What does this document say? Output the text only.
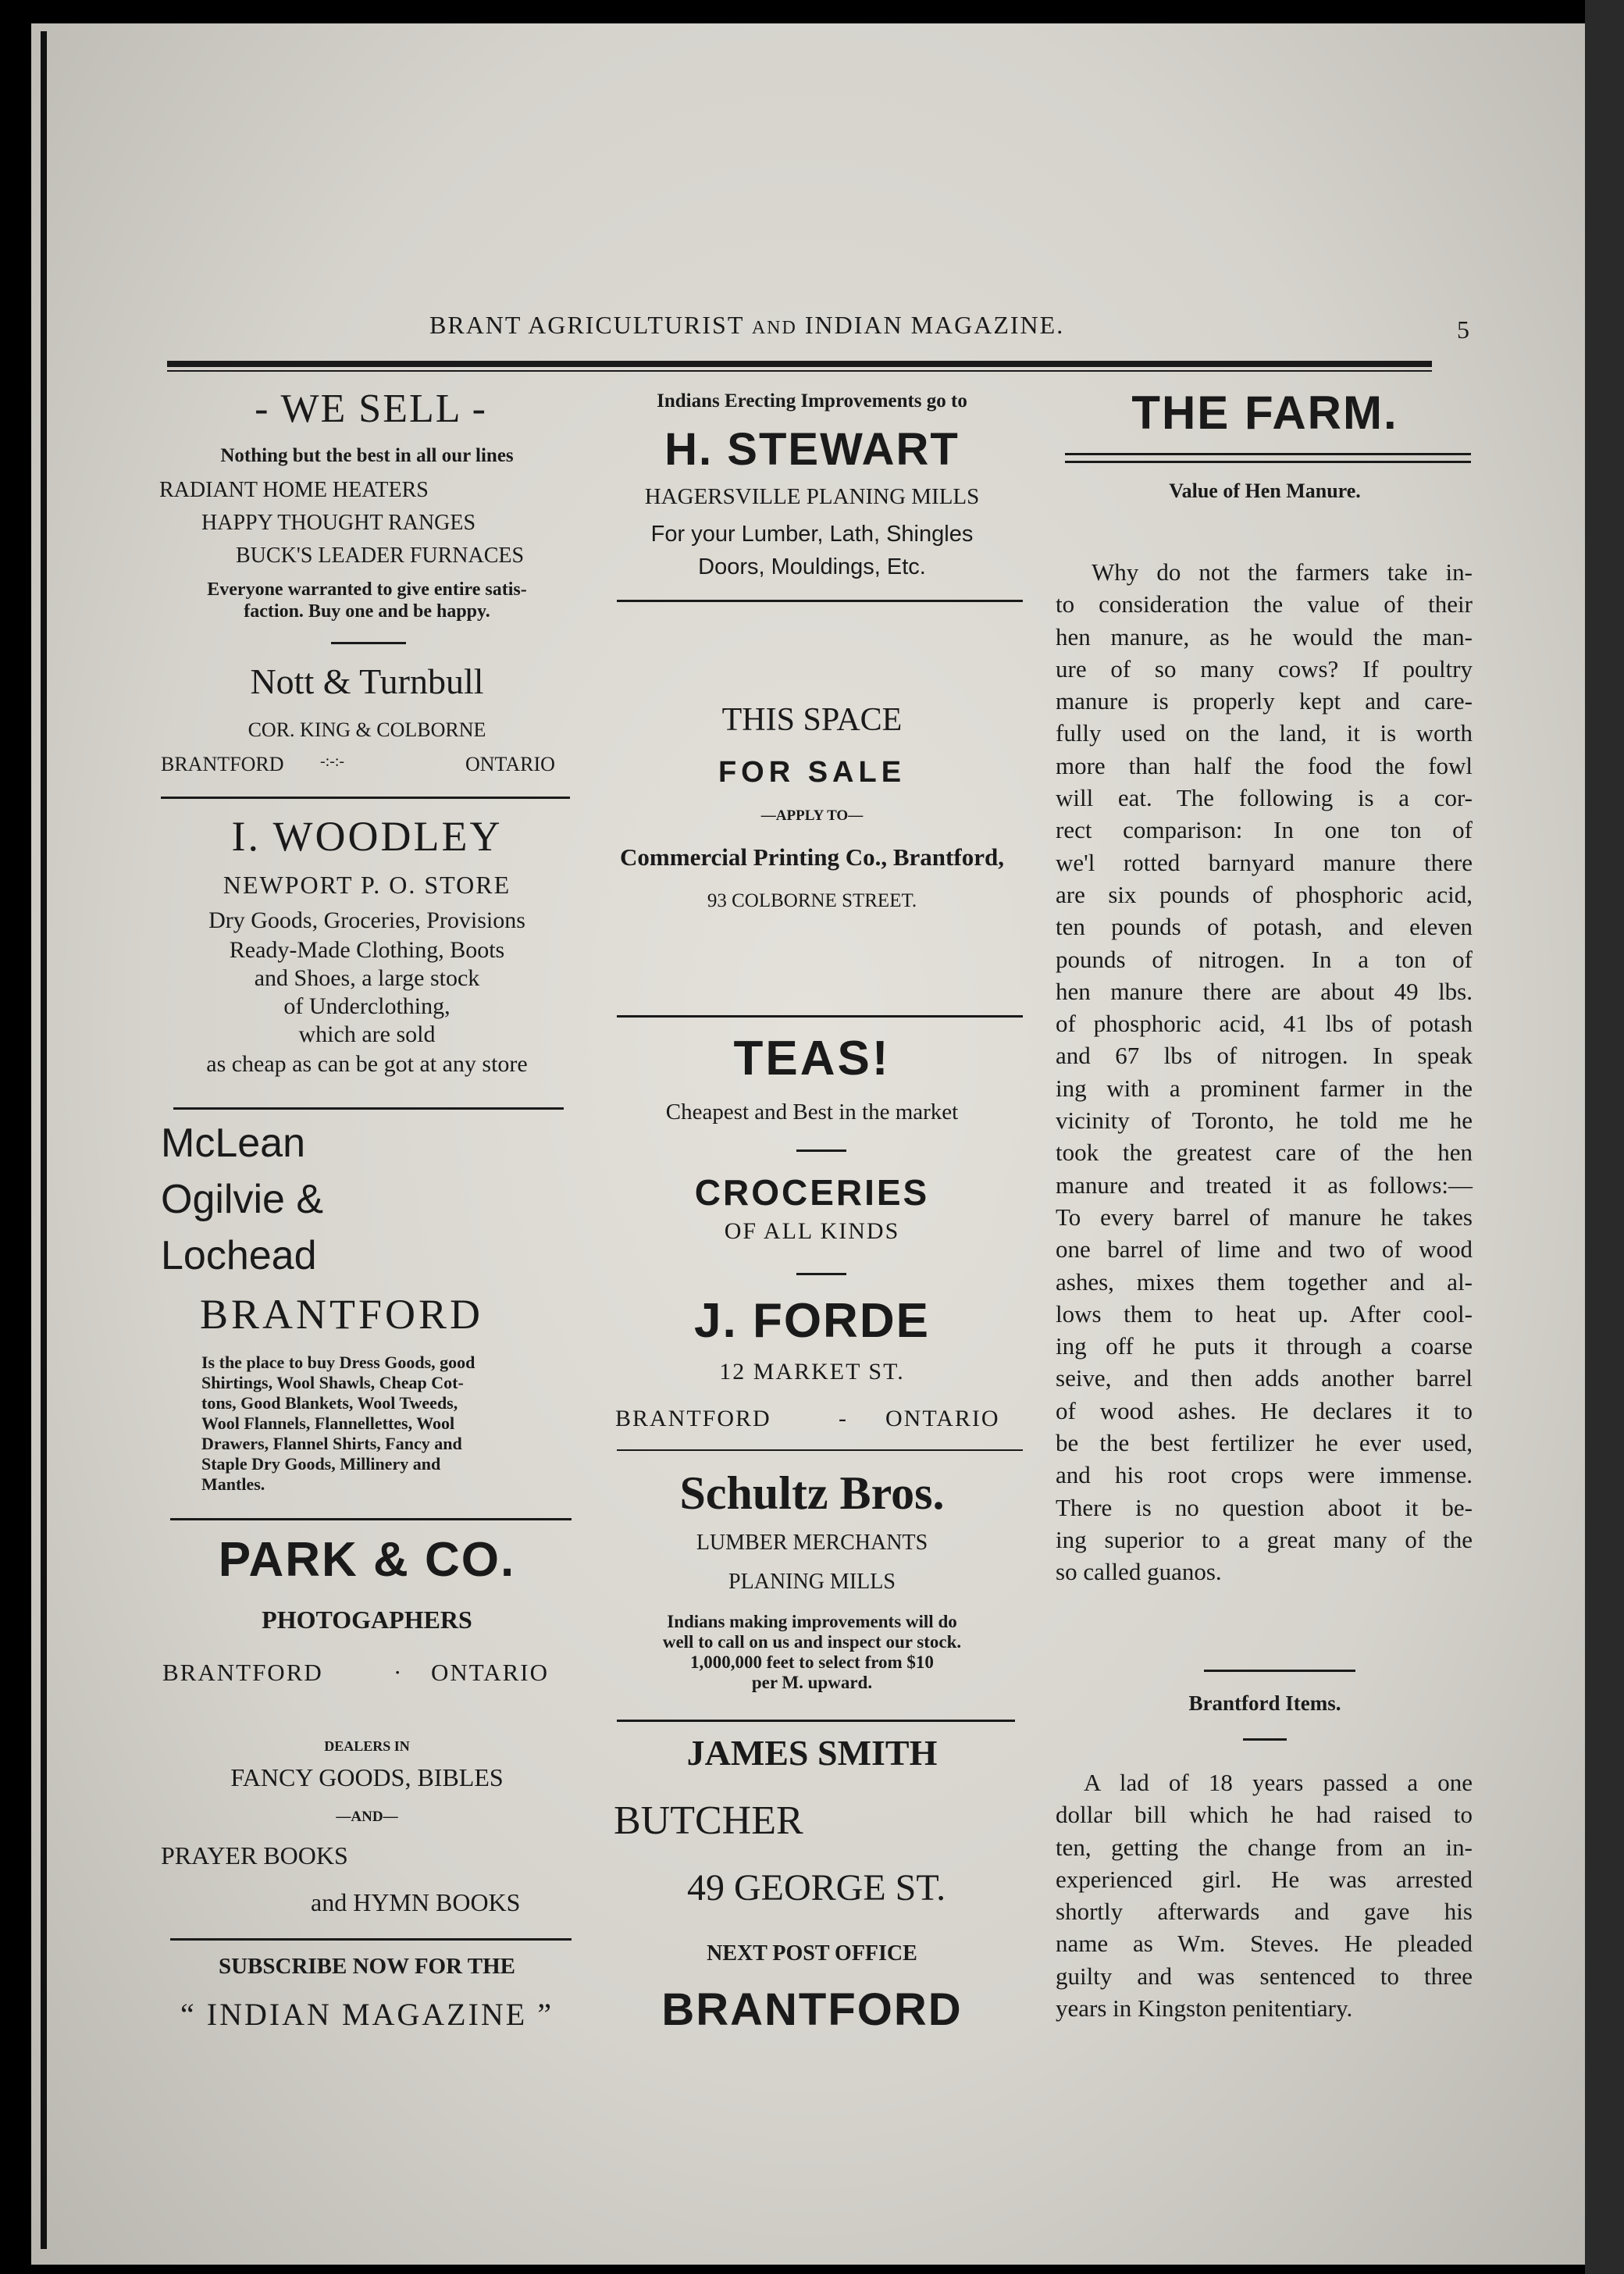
BRANT AGRICULTURIST AND INDIAN MAGAZINE.	5
- WE SELL -
Nothing but the best in all our lines
RADIANT HOME HEATERS
HAPPY THOUGHT RANGES
BUCK'S LEADER FURNACES
Everyone warranted to give entire satis-
faction. Buy one and be happy.
Nott & Turnbull
COR. KING & COLBORNE
BRANTFORD -:-:-	ONTARIO
I. WOODLEY
NEWPORT P. O. STORE
Dry Goods, Groceries, Provisions
Ready-Made Clothing, Boots
and Shoes, a large stock
of Underclothing,
which are sold
as cheap as can be got at any store
McLean
Ogilvie &
Lochead
BRANTFORD
Is the place to buy Dress Goods, good
Shirtings, Wool Shawls, Cheap Cot-
tons, Good Blankets, Wool Tweeds,
Wool Flannels, Flannellettes, Wool
Drawers, Flannel Shirts, Fancy and
Staple Dry Goods, Millinery and
Mantles.
PARK & CO.
PHOTOGAPHERS
BRANTFORD	· ONTARIO
DEALERS IN
FANCY GOODS, BIBLES
—AND—
PRAYER BOOKS
and HYMN BOOKS
SUBSCRIBE NOW FOR THE
“ INDIAN MAGAZINE ”
Indians Erecting Improvements go to
H. STEWART
HAGERSVILLE PLANING MILLS
For your Lumber, Lath, Shingles
Doors, Mouldings, Etc.
THIS SPACE
FOR SALE
—APPLY TO—
Commercial Printing Co., Brantford,
93 COLBORNE STREET.
TEAS!
Cheapest and Best in the market
CROCERIES
OF ALL KINDS
J. FORDE
12 MARKET ST.
BRANTFORD	- ONTARIO
Schultz Bros.
LUMBER MERCHANTS
PLANING MILLS
Indians making improvements will do
well to call on us and inspect our stock.
1,000,000 feet to select from $10
per M. upward.
JAMES SMITH
BUTCHER
49 GEORGE ST.
NEXT POST OFFICE
BRANTFORD
THE FARM.
Value of Hen Manure.
Why do not the farmers take in-
to consideration the value of their
hen manure, as he would the man-
ure of so many cows? If poultry
manure is properly kept and care-
fully used on the land, it is worth
more than half the food the fowl
will eat. The following is a cor-
rect comparison: In one ton of
we'l rotted barnyard manure there
are six pounds of phosphoric acid,
ten pounds of potash, and eleven
pounds of nitrogen. In a ton of
hen manure there are about 49 lbs.
of phosphoric acid, 41 lbs of potash
and 67 lbs of nitrogen. In speak
ing with a prominent farmer in the
vicinity of Toronto, he told me he
took the greatest care of the hen
manure and treated it as follows:—
To every barrel of manure he takes
one barrel of lime and two of wood
ashes, mixes them together and al-
lows them to heat up. After cool-
ing off he puts it through a coarse
seive, and then adds another barrel
of wood ashes. He declares it to
be the best fertilizer he ever used,
and his root crops were immense.
There is no question aboot it be-
ing superior to a great many of the
so called guanos.
Brantford Items.
A lad of 18 years passed a one
dollar bill which he had raised to
ten, getting the change from an in-
experienced girl. He was arrested
shortly afterwards and gave his
name as Wm. Steves. He pleaded
guilty and was sentenced to three
years in Kingston penitentiary.
